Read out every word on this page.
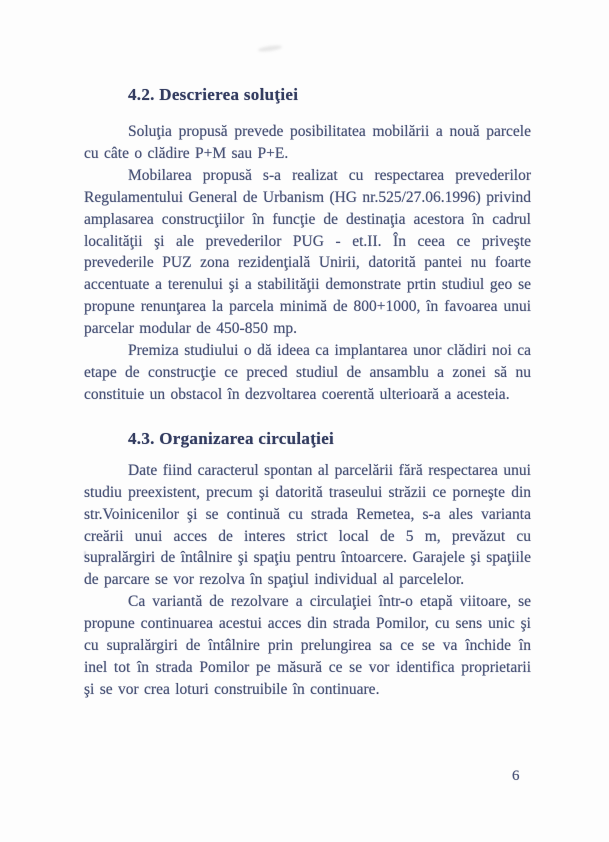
4.2. Descrierea soluţiei

Soluţia propusă prevede posibilitatea mobilării a nouă parcele cu câte o clădire P+M sau P+E.

Mobilarea propusă s-a realizat cu respectarea prevederilor Regulamentului General de Urbanism (HG nr.525/27.06.1996) privind amplasarea construcţiilor în funcţie de destinaţia acestora în cadrul localităţii şi ale prevederilor PUG - et.II. În ceea ce priveşte prevederile PUZ zona rezidenţială Unirii, datorită pantei nu foarte accentuate a terenului şi a stabilităţii demonstrate prtin studiul geo se propune renunţarea la parcela minimă de 800+1000, în favoarea unui parcelar modular de 450-850 mp.

Premiza studiului o dă ideea ca implantarea unor clădiri noi ca etape de construcţie ce preced studiul de ansamblu a zonei să nu constituie un obstacol în dezvoltarea coerentă ulterioară a acesteia.

4.3. Organizarea circulaţiei

Date fiind caracterul spontan al parcelării fără respectarea unui studiu preexistent, precum şi datorită traseului străzii ce porneşte din str.Voinicenilor şi se continuă cu strada Remetea, s-a ales varianta creării unui acces de interes strict local de 5 m, prevăzut cu supralărgiri de întâlnire şi spaţiu pentru întoarcere. Garajele şi spaţiile de parcare se vor rezolva în spaţiul individual al parcelelor.

Ca variantă de rezolvare a circulaţiei într-o etapă viitoare, se propune continuarea acestui acces din strada Pomilor, cu sens unic şi cu supralărgiri de întâlnire prin prelungirea sa ce se va închide în inel tot în strada Pomilor pe măsură ce se vor identifica proprietarii şi se vor crea loturi construibile în continuare.

6
